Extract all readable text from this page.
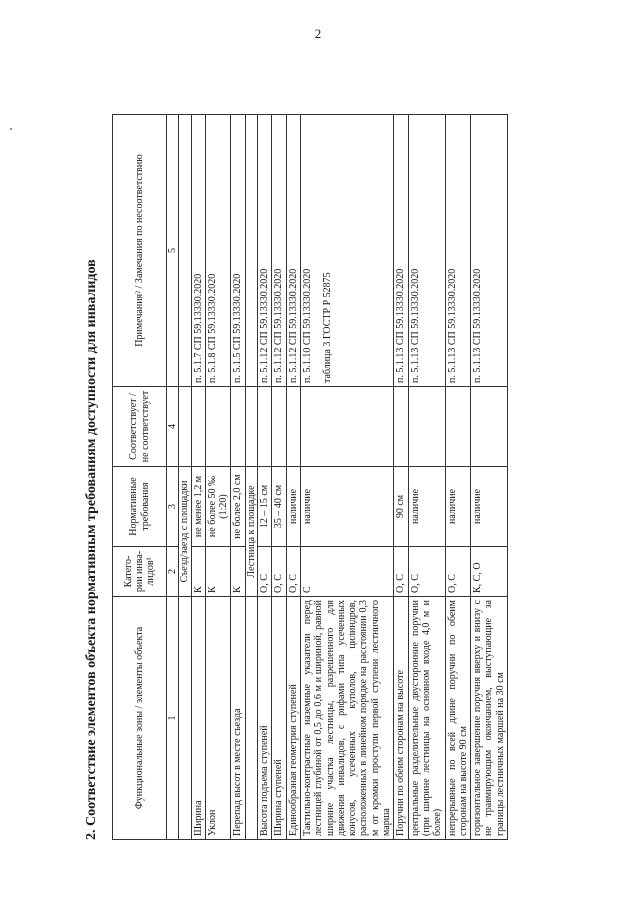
2
2. Соответствие элементов объекта нормативным требованиям доступности для инвалидов	Функциональные зоны / элементы объекта	Катего-рии инва-лидов¹	Нормативные требования	Соответствует / не соответствует	Примечания² / Замечания по несоответствию
1	2	3	4	5
	Съезд/заезд с площадки			
Ширина	К	не менее 1,2 м		п. 5.1.7 СП 59.13330.2020
Уклон	К	не более 50 ‰ (1:20)		п. 5.1.8 СП 59.13330.2020
Перепад высот в месте съезда	К	не более 2,0 см		п. 5.1.5 СП 59.13330.2020
	Лестница к площадке			
Высота подъема ступеней	О, С	12 – 15 см		п. 5.1.12 СП 59.13330.2020
Ширина ступеней	О, С	35 – 40 см		п. 5.1.12 СП 59.13330.2020
Единообразная геометрия ступеней	О, С	наличие		п. 5.1.12 СП 59.13330.2020
Тактильно-контрастные наземные указатели перед лестницей глубиной от 0,5 до 0,6 м и шириной, равной ширине участка лестницы, разрешенного для движения инвалидов, с рифами типа усеченных конусов, усеченных куполов, цилиндров, расположенных в линейном порядке на расстоянии 0,3 м от кромки проступи первой ступени лестничного марша	С	наличие		п. 5.1.10 СП 59.13330.2020 таблица 3 ГОСТР Р 52875

Поручни по обеим сторонам на высоте	О, С	90 см		п. 5.1.13 СП 59.13330.2020
центральные разделительные двусторонние поручни (при ширине лестницы на основном входе 4,0 м и более)	О, С	наличие		п. 5.1.13 СП 59.13330.2020
непрерывные по всей длине поручни по обеим сторонам на высоте 90 см	О, С	наличие		п. 5.1.13 СП 59.13330.2020
горизонтальное завершение поручня вверху и внизу с не травмирующим окончанием, выступающие за границы лестничных маршей на 30 см	К, С, О	наличие		п. 5.1.13 СП 59.13330.2020
